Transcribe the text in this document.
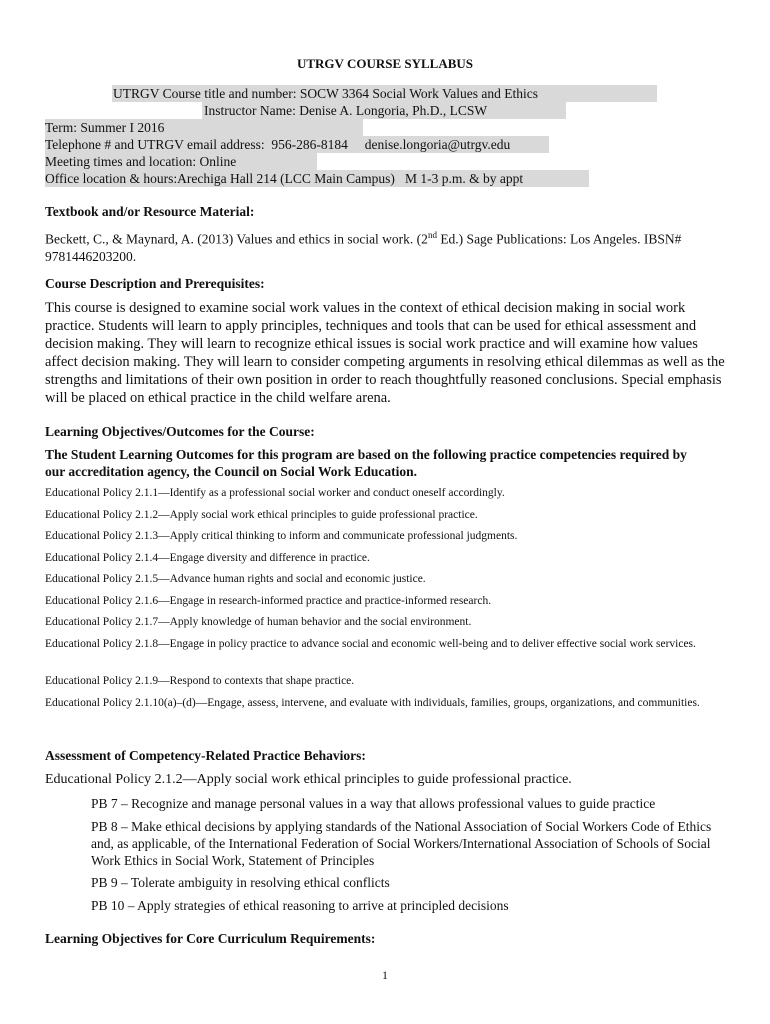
UTRGV COURSE SYLLABUS
UTRGV Course title and number: SOCW 3364 Social Work Values and Ethics
Instructor Name: Denise A. Longoria, Ph.D., LCSW
Term: Summer I 2016
Telephone # and UTRGV email address:  956-286-8184     denise.longoria@utrgv.edu
Meeting times and location: Online
Office location & hours:Arechiga Hall 214 (LCC Main Campus)   M 1-3 p.m. & by appt
Textbook and/or Resource Material:
Beckett, C., & Maynard, A. (2013) Values and ethics in social work. (2nd Ed.) Sage Publications: Los Angeles. IBSN#
9781446203200.
Course Description and Prerequisites:
This course is designed to examine social work values in the context of ethical decision making in social work practice. Students will learn to apply principles, techniques and tools that can be used for ethical assessment and decision making. They will learn to recognize ethical issues is social work practice and will examine how values affect decision making. They will learn to consider competing arguments in resolving ethical dilemmas as well as the strengths and limitations of their own position in order to reach thoughtfully reasoned conclusions. Special emphasis will be placed on ethical practice in the child welfare arena.
Learning Objectives/Outcomes for the Course:
The Student Learning Outcomes for this program are based on the following practice competencies required by our accreditation agency, the Council on Social Work Education.
Educational Policy 2.1.1—Identify as a professional social worker and conduct oneself accordingly.
Educational Policy 2.1.2—Apply social work ethical principles to guide professional practice.
Educational Policy 2.1.3—Apply critical thinking to inform and communicate professional judgments.
Educational Policy 2.1.4—Engage diversity and difference in practice.
Educational Policy 2.1.5—Advance human rights and social and economic justice.
Educational Policy 2.1.6—Engage in research-informed practice and practice-informed research.
Educational Policy 2.1.7—Apply knowledge of human behavior and the social environment.
Educational Policy 2.1.8—Engage in policy practice to advance social and economic well-being and to deliver effective social work services.
Educational Policy 2.1.9—Respond to contexts that shape practice.
Educational Policy 2.1.10(a)–(d)—Engage, assess, intervene, and evaluate with individuals, families, groups, organizations, and communities.
Assessment of Competency-Related Practice Behaviors:
Educational Policy 2.1.2—Apply social work ethical principles to guide professional practice.
PB 7 – Recognize and manage personal values in a way that allows professional values to guide practice
PB 8 – Make ethical decisions by applying standards of the National Association of Social Workers Code of Ethics and, as applicable, of the International Federation of Social Workers/International Association of Schools of Social Work Ethics in Social Work, Statement of Principles
PB 9 – Tolerate ambiguity in resolving ethical conflicts
PB 10 – Apply strategies of ethical reasoning to arrive at principled decisions
Learning Objectives for Core Curriculum Requirements:
1
